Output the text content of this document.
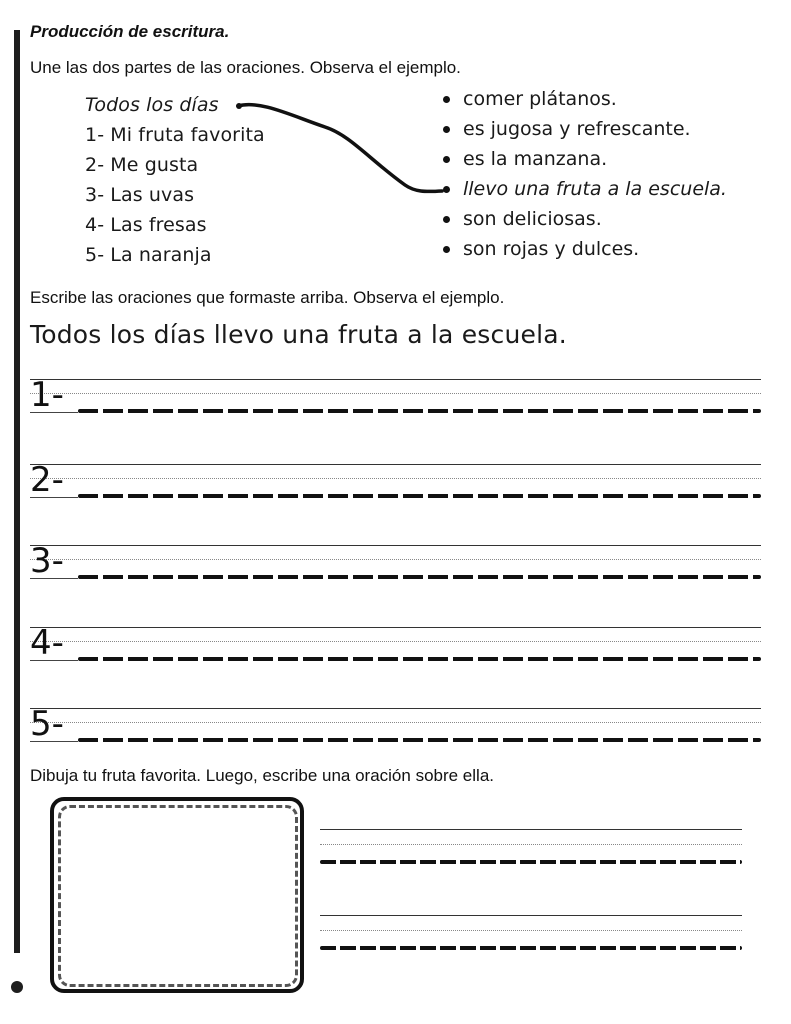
Producción de escritura.
Une las dos partes de las oraciones. Observa el ejemplo.
Todos los días
1- Mi fruta favorita
2- Me gusta
3- Las uvas
4- Las fresas
5- La naranja
comer plátanos.
es jugosa y refrescante.
es la manzana.
llevo una fruta a la escuela.
son deliciosas.
son rojas y dulces.
Escribe las oraciones que formaste arriba. Observa el ejemplo.
Todos los días llevo una fruta a la escuela.
1-
2-
3-
4-
5-
Dibuja tu fruta favorita. Luego, escribe una oración sobre ella.
